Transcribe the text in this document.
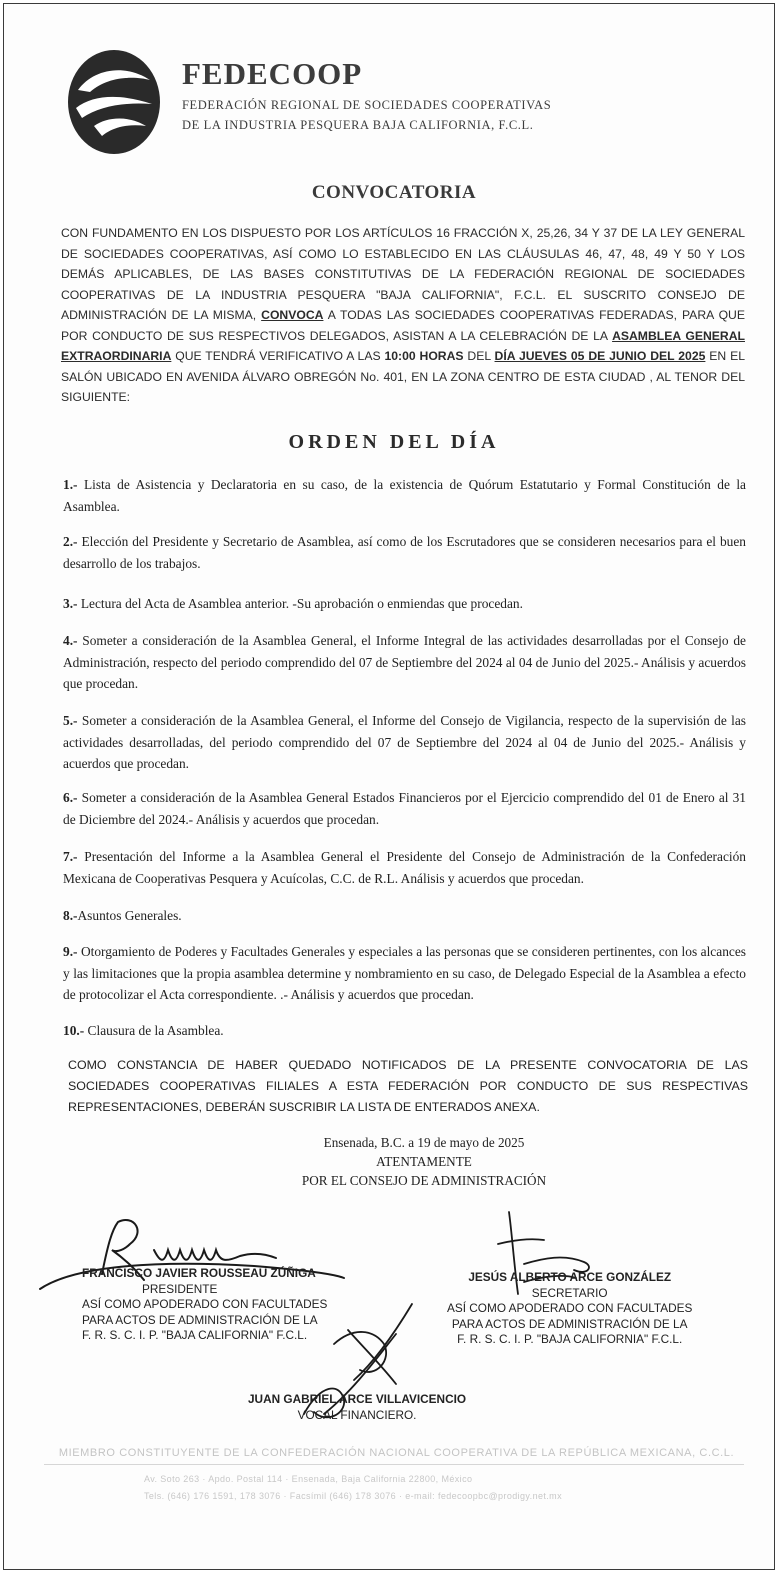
FEDECOOP
FEDERACIÓN REGIONAL DE SOCIEDADES COOPERATIVAS
DE LA INDUSTRIA PESQUERA BAJA CALIFORNIA, F.C.L.
CONVOCATORIA
CON FUNDAMENTO EN LOS DISPUESTO POR LOS ARTÍCULOS 16 FRACCIÓN X, 25,26, 34 Y 37 DE LA LEY GENERAL DE SOCIEDADES COOPERATIVAS, ASÍ COMO LO ESTABLECIDO EN LAS CLÁUSULAS 46, 47, 48, 49 Y 50 Y LOS DEMÁS APLICABLES, DE LAS BASES CONSTITUTIVAS DE LA FEDERACIÓN REGIONAL DE SOCIEDADES COOPERATIVAS DE LA INDUSTRIA PESQUERA "BAJA CALIFORNIA", F.C.L. EL SUSCRITO CONSEJO DE ADMINISTRACIÓN DE LA MISMA, CONVOCA A TODAS LAS SOCIEDADES COOPERATIVAS FEDERADAS, PARA QUE POR CONDUCTO DE SUS RESPECTIVOS DELEGADOS, ASISTAN A LA CELEBRACIÓN DE LA ASAMBLEA GENERAL EXTRAORDINARIA QUE TENDRÁ VERIFICATIVO A LAS 10:00 HORAS DEL DÍA JUEVES 05 DE JUNIO DEL 2025 EN EL SALÓN UBICADO EN AVENIDA ÁLVARO OBREGÓN No. 401, EN LA ZONA CENTRO DE ESTA CIUDAD , AL TENOR DEL SIGUIENTE:
ORDEN DEL DÍA
1.- Lista de Asistencia y Declaratoria en su caso, de la existencia de Quórum Estatutario y Formal Constitución de la Asamblea.
2.- Elección del Presidente y Secretario de Asamblea, así como de los Escrutadores que se consideren necesarios para el buen desarrollo de los trabajos.
3.- Lectura del Acta de Asamblea anterior. -Su aprobación o enmiendas que procedan.
4.- Someter a consideración de la Asamblea General, el Informe Integral de las actividades desarrolladas por el Consejo de Administración, respecto del periodo comprendido del 07 de Septiembre del 2024 al 04 de Junio del 2025.- Análisis y acuerdos que procedan.
5.- Someter a consideración de la Asamblea General, el Informe del Consejo de Vigilancia, respecto de la supervisión de las actividades desarrolladas, del periodo comprendido del 07 de Septiembre del 2024 al 04 de Junio del 2025.- Análisis y acuerdos que procedan.
6.- Someter a consideración de la Asamblea General Estados Financieros por el Ejercicio comprendido del 01 de Enero al 31 de Diciembre del 2024.- Análisis y acuerdos que procedan.
7.- Presentación del Informe a la Asamblea General el Presidente del Consejo de Administración de la Confederación Mexicana de Cooperativas Pesquera y Acuícolas, C.C. de R.L. Análisis y acuerdos que procedan.
8.-Asuntos Generales.
9.- Otorgamiento de Poderes y Facultades Generales y especiales a las personas que se consideren pertinentes, con los alcances y las limitaciones que la propia asamblea determine y nombramiento en su caso, de Delegado Especial de la Asamblea a efecto de protocolizar el Acta correspondiente. .- Análisis y acuerdos que procedan.
10.- Clausura de la Asamblea.
COMO CONSTANCIA DE HABER QUEDADO NOTIFICADOS DE LA PRESENTE CONVOCATORIA DE LAS SOCIEDADES COOPERATIVAS FILIALES A ESTA FEDERACIÓN POR CONDUCTO DE SUS RESPECTIVAS REPRESENTACIONES, DEBERÁN SUSCRIBIR LA LISTA DE ENTERADOS ANEXA.
Ensenada, B.C. a 19 de mayo de 2025
ATENTAMENTE
POR EL CONSEJO DE ADMINISTRACIÓN
FRANCISCO JAVIER ROUSSEAU ZÚÑIGA
PRESIDENTE
ASÍ COMO APODERADO CON FACULTADES
PARA ACTOS DE ADMINISTRACIÓN DE LA
F. R. S. C. I. P. "BAJA CALIFORNIA" F.C.L.
JESÚS ALBERTO ARCE GONZÁLEZ
SECRETARIO
ASÍ COMO APODERADO CON FACULTADES
PARA ACTOS DE ADMINISTRACIÓN DE LA
F. R. S. C. I. P. "BAJA CALIFORNIA" F.C.L.
JUAN GABRIEL ARCE VILLAVICENCIO
VOCAL FINANCIERO.
MIEMBRO CONSTITUYENTE DE LA CONFEDERACIÓN NACIONAL COOPERATIVA DE LA REPÚBLICA MEXICANA, C.C.L.
Av. Soto 263 · Apdo. Postal 114 · Ensenada, Baja California 22800, México
Tels. (646) 176 1591, 178 3076 · Facsímil (646) 178 3076 · e-mail: fedecoopbc@prodigy.net.mx
